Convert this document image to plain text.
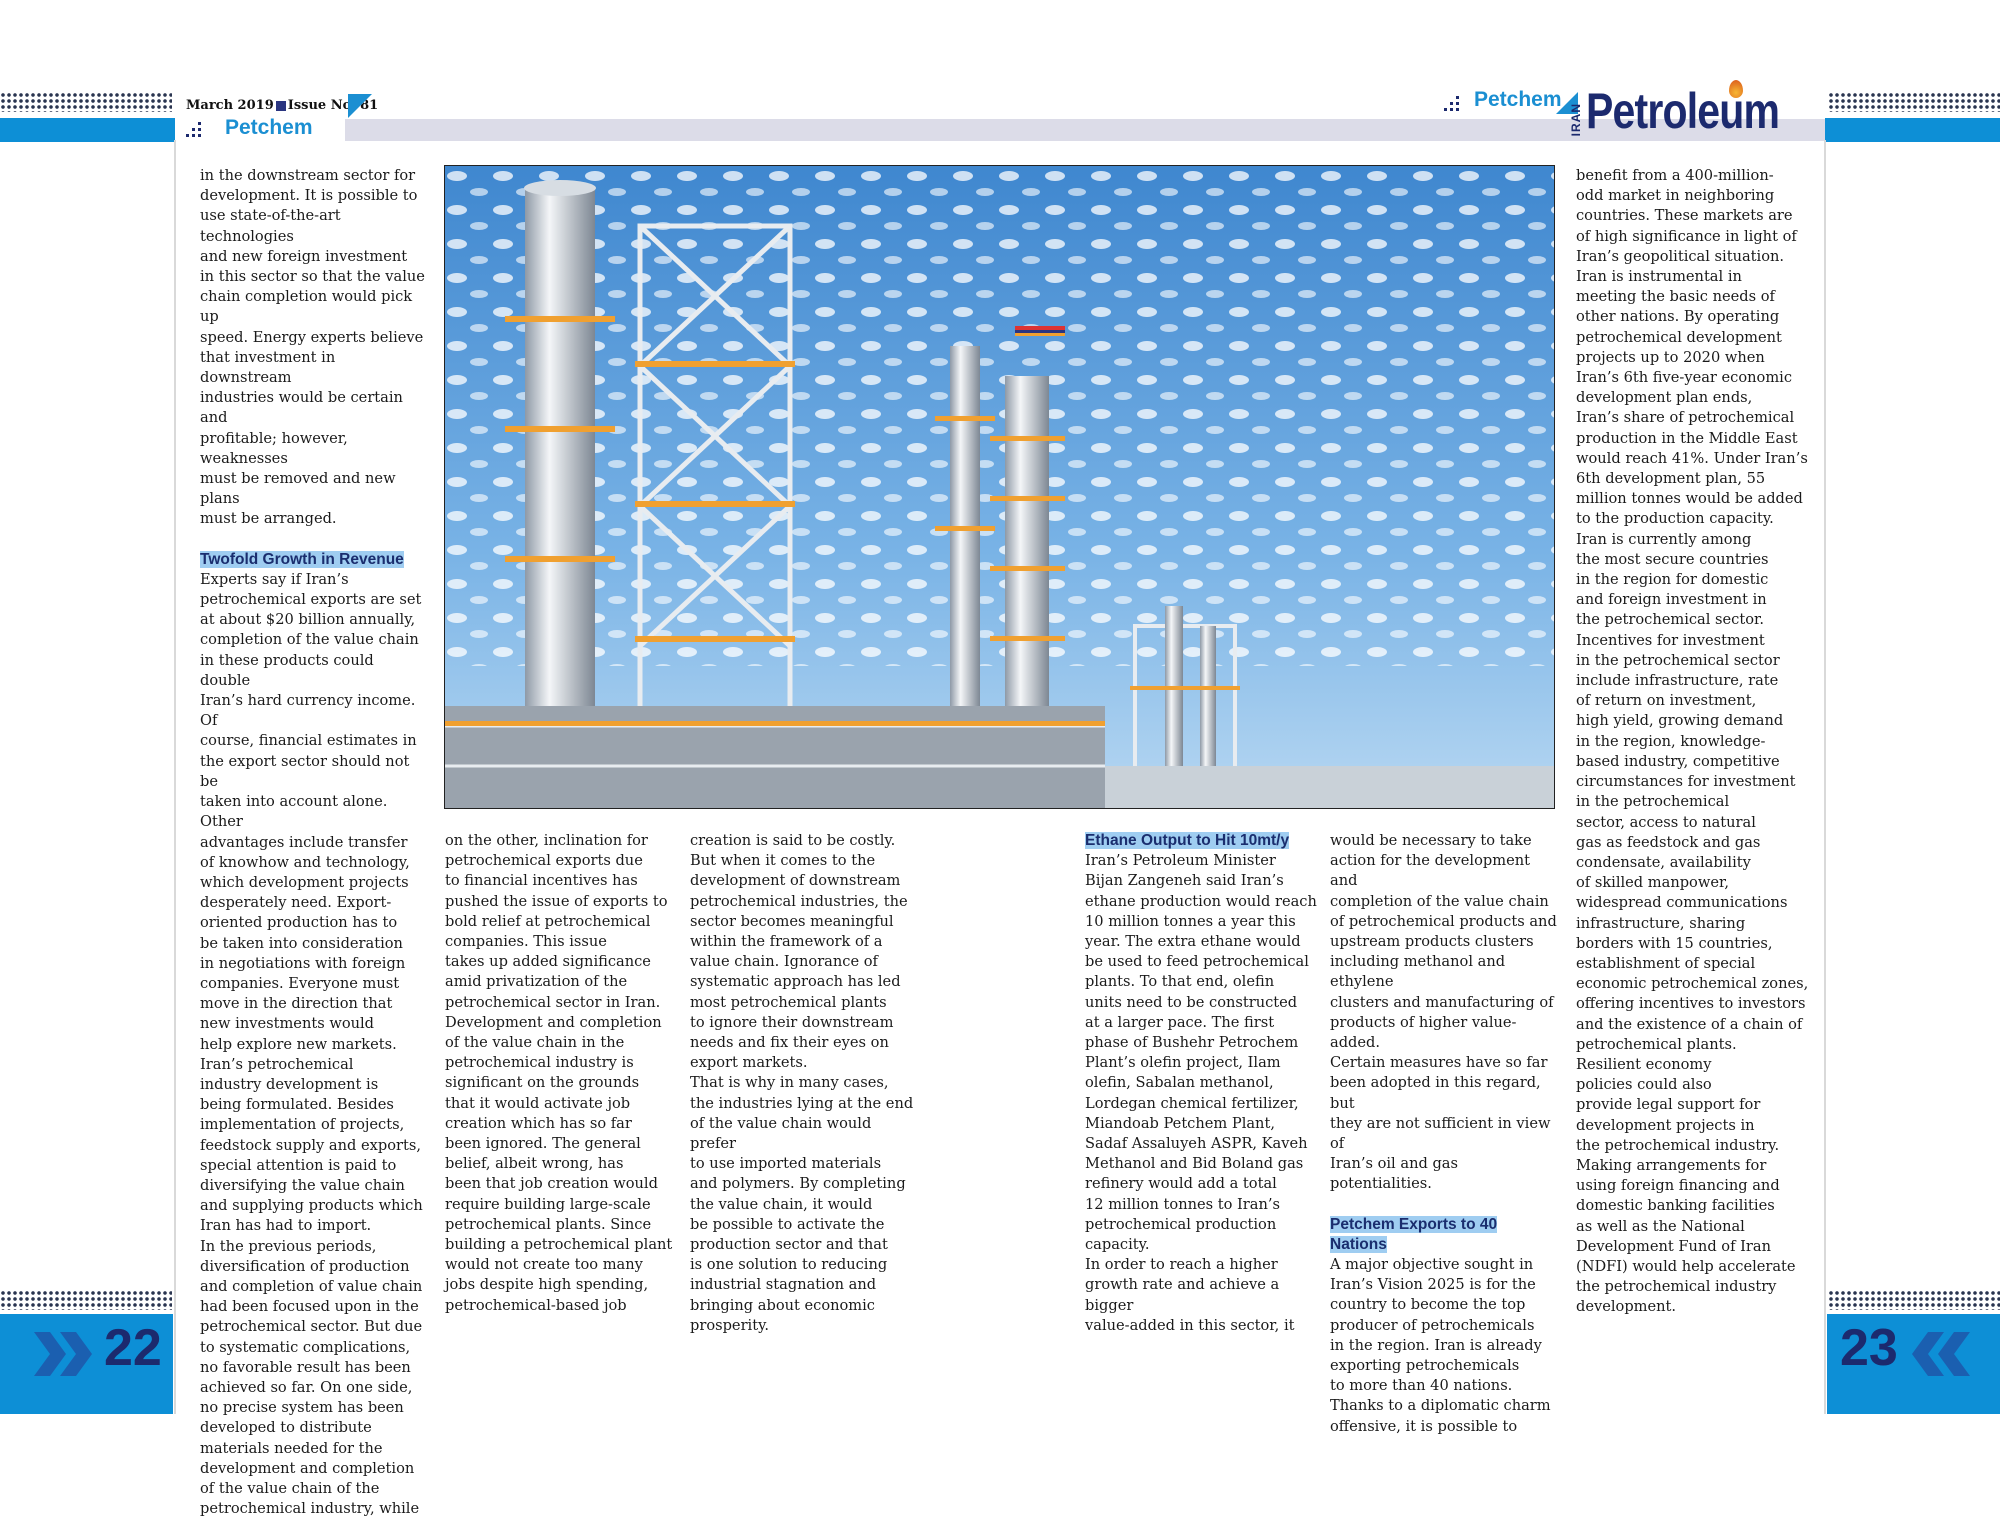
March 2019 Issue No. 81
Petchem
Petchem
IRAN Petroleum

in the downstream sector for
development. It is possible to
use state-of-the-art technologies
and new foreign investment
in this sector so that the value
chain completion would pick up
speed. Energy experts believe
that investment in downstream
industries would be certain and
profitable; however, weaknesses
must be removed and new plans
must be arranged.

Twofold Growth in Revenue

Experts say if Iran’s
petrochemical exports are set
at about $20 billion annually,
completion of the value chain
in these products could double
Iran’s hard currency income. Of
course, financial estimates in
the export sector should not be
taken into account alone. Other
advantages include transfer
of knowhow and technology,
which development projects
desperately need. Export-
oriented production has to
be taken into consideration
in negotiations with foreign
companies. Everyone must
move in the direction that
new investments would
help explore new markets.
Iran’s petrochemical
industry development is
being formulated. Besides
implementation of projects,
feedstock supply and exports,
special attention is paid to
diversifying the value chain
and supplying products which
Iran has had to import.
In the previous periods,
diversification of production
and completion of value chain
had been focused upon in the
petrochemical sector. But due
to systematic complications,
no favorable result has been
achieved so far. On one side,
no precise system has been
developed to distribute
materials needed for the
development and completion
of the value chain of the
petrochemical industry, while

on the other, inclination for
petrochemical exports due
to financial incentives has
pushed the issue of exports to
bold relief at petrochemical
companies. This issue
takes up added significance
amid privatization of the
petrochemical sector in Iran.
Development and completion
of the value chain in the
petrochemical industry is
significant on the grounds
that it would activate job
creation which has so far
been ignored. The general
belief, albeit wrong, has
been that job creation would
require building large-scale
petrochemical plants. Since
building a petrochemical plant
would not create too many
jobs despite high spending,
petrochemical-based job

creation is said to be costly.
But when it comes to the
development of downstream
petrochemical industries, the
sector becomes meaningful
within the framework of a
value chain. Ignorance of
systematic approach has led
most petrochemical plants
to ignore their downstream
needs and fix their eyes on
export markets.
That is why in many cases,
the industries lying at the end
of the value chain would prefer
to use imported materials
and polymers. By completing
the value chain, it would
be possible to activate the
production sector and that
is one solution to reducing
industrial stagnation and
bringing about economic
prosperity.

Ethane Output to Hit 10mt/y

Iran’s Petroleum Minister
Bijan Zangeneh said Iran’s
ethane production would reach
10 million tonnes a year this
year. The extra ethane would
be used to feed petrochemical
plants. To that end, olefin
units need to be constructed
at a larger pace. The first
phase of Bushehr Petrochem
Plant’s olefin project, Ilam
olefin, Sabalan methanol,
Lordegan chemical fertilizer,
Miandoab Petchem Plant,
Sadaf Assaluyeh ASPR, Kaveh
Methanol and Bid Boland gas
refinery would add a total
12 million tonnes to Iran’s
petrochemical production
capacity.
In order to reach a higher
growth rate and achieve a bigger
value-added in this sector, it

would be necessary to take
action for the development and
completion of the value chain
of petrochemical products and
upstream products clusters
including methanol and ethylene
clusters and manufacturing of
products of higher value-added.
Certain measures have so far
been adopted in this regard, but
they are not sufficient in view of
Iran’s oil and gas potentialities.

Petchem Exports to 40
Nations

A major objective sought in
Iran’s Vision 2025 is for the
country to become the top
producer of petrochemicals
in the region. Iran is already
exporting petrochemicals
to more than 40 nations.
Thanks to a diplomatic charm
offensive, it is possible to

benefit from a 400-million-
odd market in neighboring
countries. These markets are
of high significance in light of
Iran’s geopolitical situation.
Iran is instrumental in
meeting the basic needs of
other nations. By operating
petrochemical development
projects up to 2020 when
Iran’s 6th five-year economic
development plan ends,
Iran’s share of petrochemical
production in the Middle East
would reach 41%. Under Iran’s
6th development plan, 55
million tonnes would be added
to the production capacity.
Iran is currently among
the most secure countries
in the region for domestic
and foreign investment in
the petrochemical sector.
Incentives for investment
in the petrochemical sector
include infrastructure, rate
of return on investment,
high yield, growing demand
in the region, knowledge-
based industry, competitive
circumstances for investment
in the petrochemical
sector, access to natural
gas as feedstock and gas
condensate, availability
of skilled manpower,
widespread communications
infrastructure, sharing
borders with 15 countries,
establishment of special
economic petrochemical zones,
offering incentives to investors
and the existence of a chain of
petrochemical plants.
Resilient economy
policies could also
provide legal support for
development projects in
the petrochemical industry.
Making arrangements for
using foreign financing and
domestic banking facilities
as well as the National
Development Fund of Iran
(NDFI) would help accelerate
the petrochemical industry
development.

22	23
